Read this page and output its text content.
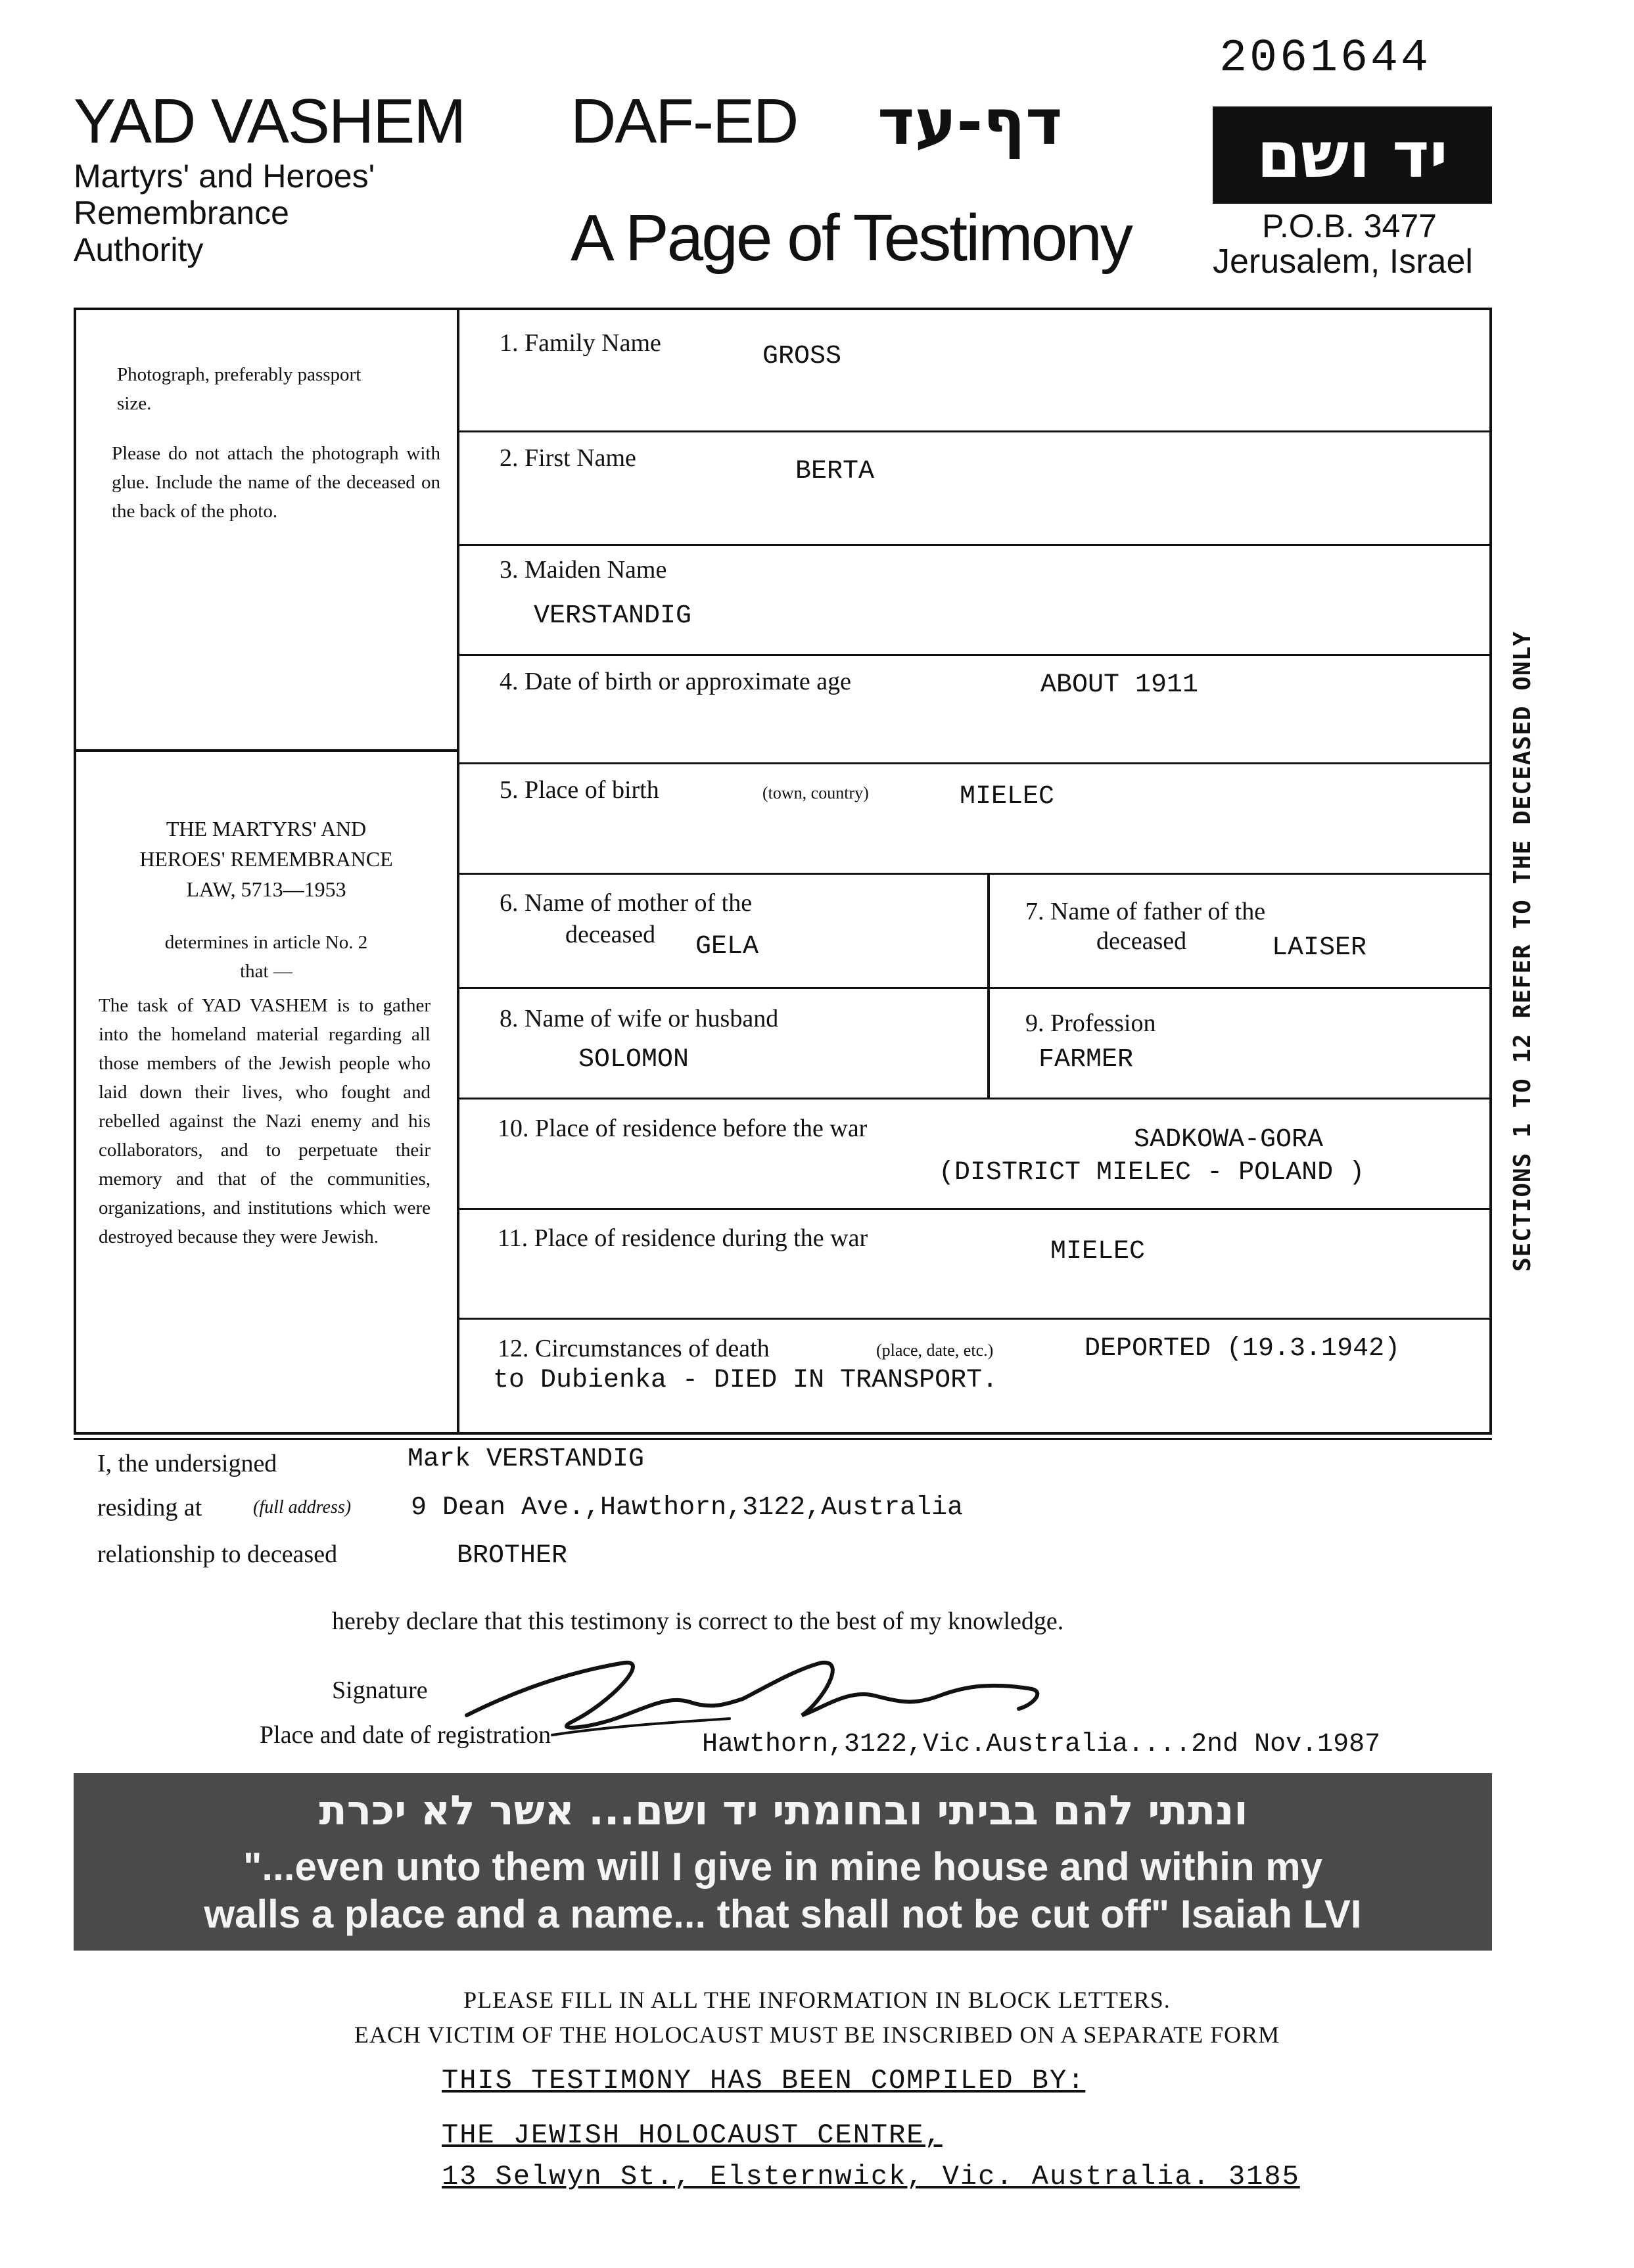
2061644
YAD VASHEM
Martyrs' and Heroes'
Remembrance
Authority
DAF-ED דף-עד	יד ושם
P.O.B. 3477
Jerusalem, Israel
A Page of Testimony
Photograph, preferably passport size.
Please do not attach the photograph with glue. Include the name of the deceased on the back of the photo.
THE MARTYRS' AND
HEROES' REMEMBRANCE
LAW, 5713—1953
determines in article No. 2
that —
The task of YAD VASHEM is to gather into the homeland material regarding all those members of the Jewish people who laid down their lives, who fought and rebelled against the Nazi enemy and his collaborators, and to perpetuate their memory and that of the communities, organizations, and institutions which were destroyed because they were Jewish.
1. Family Name	GROSS
2. First Name	BERTA
3. Maiden Name
VERSTANDIG
4. Date of birth or approximate age	ABOUT 1911
5. Place of birth	(town, country)	MIELEC
6. Name of mother of the
deceased GELA
7. Name of father of the
deceased	LAISER
8. Name of wife or husband
SOLOMON
9. Profession
FARMER
10. Place of residence before the war	SADKOWA-GORA
(DISTRICT MIELEC - POLAND )
11. Place of residence during the war	MIELEC
12. Circumstances of death	(place, date, etc.)	DEPORTED (19.3.1942)
to Dubienka - DIED IN TRANSPORT.
SECTIONS 1 TO 12 REFER TO THE DECEASED ONLY
I, the undersigned	Mark VERSTANDIG
residing at	(full address) 9 Dean Ave.,Hawthorn,3122,Australia
relationship to deceased	BROTHER
hereby declare that this testimony is correct to the best of my knowledge.
Signature
Place and date of registration	Hawthorn,3122,Vic.Australia....2nd Nov.1987
ונתתי להם בביתי ובחומתי יד ושם... אשר לא יכרת
"...even unto them will I give in mine house and within my
walls a place and a name... that shall not be cut off" Isaiah LVI
PLEASE FILL IN ALL THE INFORMATION IN BLOCK LETTERS.
EACH VICTIM OF THE HOLOCAUST MUST BE INSCRIBED ON A SEPARATE FORM
THIS TESTIMONY HAS BEEN COMPILED BY:
THE JEWISH HOLOCAUST CENTRE,
13 Selwyn St., Elsternwick, Vic. Australia. 3185
